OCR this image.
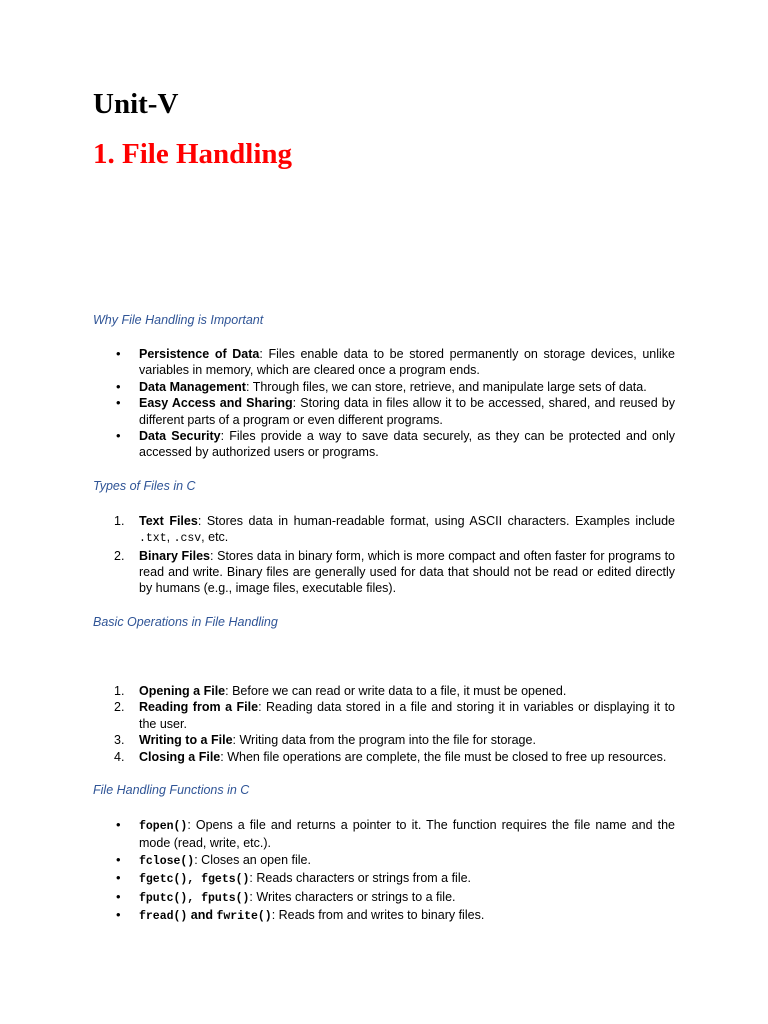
Unit-V
1. File Handling

Why File Handling is Important

• Persistence of Data: Files enable data to be stored permanently on storage devices, unlike variables in memory, which are cleared once a program ends.
• Data Management: Through files, we can store, retrieve, and manipulate large sets of data.
• Easy Access and Sharing: Storing data in files allow it to be accessed, shared, and reused by different parts of a program or even different programs.
• Data Security: Files provide a way to save data securely, as they can be protected and only accessed by authorized users or programs.

Types of Files in C

1. Text Files: Stores data in human-readable format, using ASCII characters. Examples include .txt, .csv, etc.
2. Binary Files: Stores data in binary form, which is more compact and often faster for programs to read and write. Binary files are generally used for data that should not be read or edited directly by humans (e.g., image files, executable files).

Basic Operations in File Handling

1. Opening a File: Before we can read or write data to a file, it must be opened.
2. Reading from a File: Reading data stored in a file and storing it in variables or displaying it to the user.
3. Writing to a File: Writing data from the program into the file for storage.
4. Closing a File: When file operations are complete, the file must be closed to free up resources.

File Handling Functions in C

• fopen(): Opens a file and returns a pointer to it. The function requires the file name and the mode (read, write, etc.).
• fclose(): Closes an open file.
• fgetc(), fgets(): Reads characters or strings from a file.
• fputc(), fputs(): Writes characters or strings to a file.
• fread() and fwrite(): Reads from and writes to binary files.
